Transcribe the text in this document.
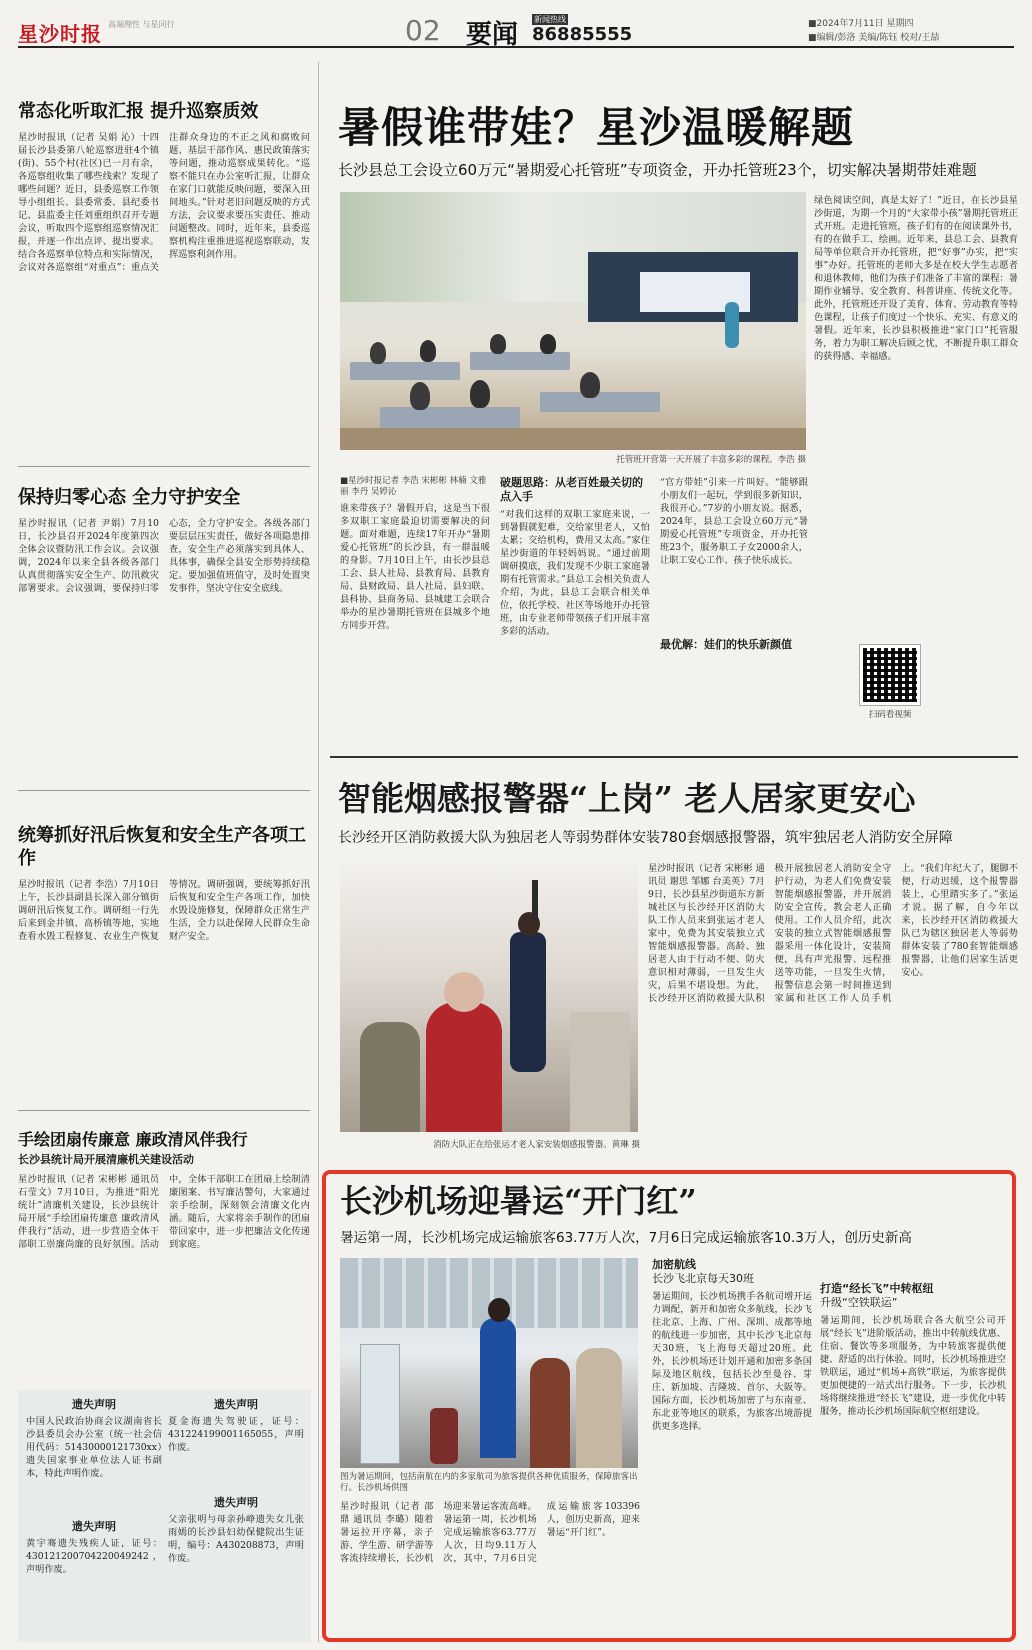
星沙时报 高端理性 与星同行	02 要闻
新闻热线
86885555	■2024年7月11日 星期四
■编辑/彭洛 美编/陈钰 校对/王喆
常态化听取汇报 提升巡察质效
星沙时报讯（记者 吴娟 沁）十四届长沙县委第八轮巡察进驻4个镇(街)、55个村(社区)已一月有余，各巡察组收集了哪些线索？发现了哪些问题？近日，县委巡察工作领导小组组长、县委常委、县纪委书记、县监委主任刘重组织召开专题会议，听取四个巡察组巡察情况汇报，并逐一作出点评、提出要求。结合各巡察单位特点和实际情况，会议对各巡察组“对重点”：重点关注群众身边的不正之风和腐败问题、基层干部作风、惠民政策落实等问题，推动巡察成果转化。“巡察不能只在办公室听汇报，让群众在家门口就能反映问题，要深入田间地头。”针对老旧问题反映的方式方法，会议要求要压实责任、推动问题整改。同时，近年来，县委巡察机构注重推进巡视巡察联动，发挥巡察利剑作用。
保持归零心态 全力守护安全
星沙时报讯（记者 尹娟）7月10日，长沙县召开2024年度第四次全体会议暨防汛工作会议。会议强调，2024年以来全县各级各部门认真贯彻落实安全生产、防汛救灾部署要求。会议强调，要保持归零心态，全力守护安全。各级各部门要层层压实责任，做好各项隐患排查，安全生产必须落实到具体人、具体事，确保全县安全形势持续稳定。要加强值班值守，及时处置突发事件，坚决守住安全底线。
统筹抓好汛后恢复和安全生产各项工作
星沙时报讯（记者 李浩）7月10日上午，长沙县副县长深入部分镇街调研汛后恢复工作。调研组一行先后来到金井镇、高桥镇等地，实地查看水毁工程修复、农业生产恢复等情况。调研强调，要统筹抓好汛后恢复和安全生产各项工作，加快水毁设施修复，保障群众正常生产生活，全力以赴保障人民群众生命财产安全。
手绘团扇传廉意 廉政清风伴我行
长沙县统计局开展清廉机关建设活动
星沙时报讯（记者 宋彬彬 通讯员 石莹文）7月10日，为推进“阳光统计”清廉机关建设，长沙县统计局开展“手绘团扇传廉意 廉政清风伴我行”活动，进一步营造全体干部职工崇廉尚廉的良好氛围。活动中，全体干部职工在团扇上绘制清廉图案、书写廉洁警句，大家通过亲手绘制，深刻领会清廉文化内涵。随后，大家将亲手制作的团扇带回家中，进一步把廉洁文化传递到家庭。
遗失声明
中国人民政治协商会议湖南省长沙县委员会办公室（统一社会信用代码：51430000121730xx）遗失国家事业单位法人证书副本，特此声明作废。
遗失声明
黄宇骞遗失残疾人证，证号：430121200704220049242，声明作废。
遗失声明
夏金海遗失驾驶证，证号：431224199001165055，声明作废。
遗失声明
父亲张明与母亲孙峥遗失女儿张雨嫣的长沙县妇幼保健院出生证明，编号：A430208873，声明作废。
暑假谁带娃？星沙温暖解题
长沙县总工会设立60万元“暑期爱心托管班”专项资金，开办托管班23个，切实解决暑期带娃难题
托管班开营第一天开展了丰富多彩的课程。李浩 摄
绿色阅读空间，真是太好了！”近日，在长沙县星沙街道，为期一个月的“大家带小孩”暑期托管班正式开班。走进托管班，孩子们有的在阅读课外书，有的在做手工、绘画。近年来，县总工会、县教育局等单位联合开办托管班，把“好事”办实，把“实事”办好。托管班的老师大多是在校大学生志愿者和退休教师，他们为孩子们准备了丰富的课程：暑期作业辅导、安全教育、科普讲座、传统文化等。此外，托管班还开设了美育、体育、劳动教育等特色课程，让孩子们度过一个快乐、充实、有意义的暑假。近年来，长沙县积极推进“家门口”托管服务，着力为职工解决后顾之忧，不断提升职工群众的获得感、幸福感。
扫码看视频
■星沙时报记者 李浩 宋彬彬 林楠 文雅丽 李丹 吴婷沁
谁来带孩子？暑假开启，这是当下很多双职工家庭最迫切需要解决的问题。面对难题，连续17年开办“暑期爱心托管班”的长沙县，有一群温暖的身影。7月10日上午，由长沙县总工会、县人社局、县教育局、县教育局、县财政局、县人社局、县妇联、县科协、县商务局、县城建工会联合举办的星沙暑期托管班在县城多个地方同步开营。
破题思路：从老百姓最关切的点入手
“对我们这样的双职工家庭来说，一到暑假就犯难，交给家里老人，又怕太累；交给机构，费用又太高。”家住星沙街道的年轻妈妈说。“通过前期调研摸底，我们发现不少职工家庭暑期有托管需求。”县总工会相关负责人介绍，为此，县总工会联合相关单位，依托学校、社区等场地开办托管班，由专业老师带领孩子们开展丰富多彩的活动。
“官方带娃”引来一片叫好。“能够跟小朋友们一起玩，学到很多新知识，我很开心。”7岁的小朋友说。据悉，2024年，县总工会设立60万元“暑期爱心托管班”专项资金，开办托管班23个，服务职工子女2000余人，让职工安心工作、孩子快乐成长。
最优解：娃们的快乐新颜值
智能烟感报警器“上岗” 老人居家更安心
长沙经开区消防救援大队为独居老人等弱势群体安装780套烟感报警器，筑牢独居老人消防安全屏障
消防大队正在给张运才老人家安装烟感报警器。黄琳 摄
星沙时报讯（记者 宋彬彬 通讯员 谢思 邹娜 台美英）7月9日，长沙县星沙街道东方新城社区与长沙经开区消防大队工作人员来到张运才老人家中，免费为其安装独立式智能烟感报警器。高龄、独居老人由于行动不便、防火意识相对薄弱，一旦发生火灾，后果不堪设想。为此，长沙经开区消防救援大队积极开展独居老人消防安全守护行动，为老人们免费安装智能烟感报警器，并开展消防安全宣传，教会老人正确使用。工作人员介绍，此次安装的独立式智能烟感报警器采用一体化设计，安装简便，具有声光报警、远程推送等功能，一旦发生火情，报警信息会第一时间推送到家属和社区工作人员手机上。“我们年纪大了，腿脚不便，行动迟缓，这个报警器装上，心里踏实多了。”张运才说。据了解，自今年以来，长沙经开区消防救援大队已为辖区独居老人等弱势群体安装了780套智能烟感报警器，让他们居家生活更安心。
长沙机场迎暑运“开门红”
暑运第一周，长沙机场完成运输旅客63.77万人次，7月6日完成运输旅客10.3万人，创历史新高
图为暑运期间，包括南航在内的多家航司为旅客提供各种优质服务，保障旅客出行。长沙机场供图
星沙时报讯（记者 邵鼎 通讯员 李璐）随着暑运拉开序幕，亲子游、学生游、研学游等客流持续增长，长沙机场迎来暑运客流高峰。暑运第一周，长沙机场完成运输旅客63.77万人次，日均9.11万人次，其中，7月6日完成运输旅客103396人，创历史新高，迎来暑运“开门红”。
加密航线
长沙飞北京每天30班
暑运期间，长沙机场携手各航司增开运力调配，新开和加密众多航线，长沙飞往北京、上海、广州、深圳、成都等地的航线进一步加密，其中长沙飞北京每天30班，飞上海每天超过20班。此外，长沙机场还计划开通和加密多条国际及地区航线，包括长沙至曼谷、芽庄、新加坡、吉隆坡、首尔、大阪等。国际方面，长沙机场加密了与东南亚、东北亚等地区的联系，为旅客出境游提供更多选择。
打造“经长飞”中转枢纽
升级“空铁联运”
暑运期间，长沙机场联合各大航空公司开展“经长飞”进阶版活动，推出中转航线优惠、住宿、餐饮等多项服务，为中转旅客提供便捷、舒适的出行体验。同时，长沙机场推进空铁联运，通过“机场+高铁”联运，为旅客提供更加便捷的一站式出行服务。下一步，长沙机场将继续推进“经长飞”建设，进一步优化中转服务，推动长沙机场国际航空枢纽建设。
